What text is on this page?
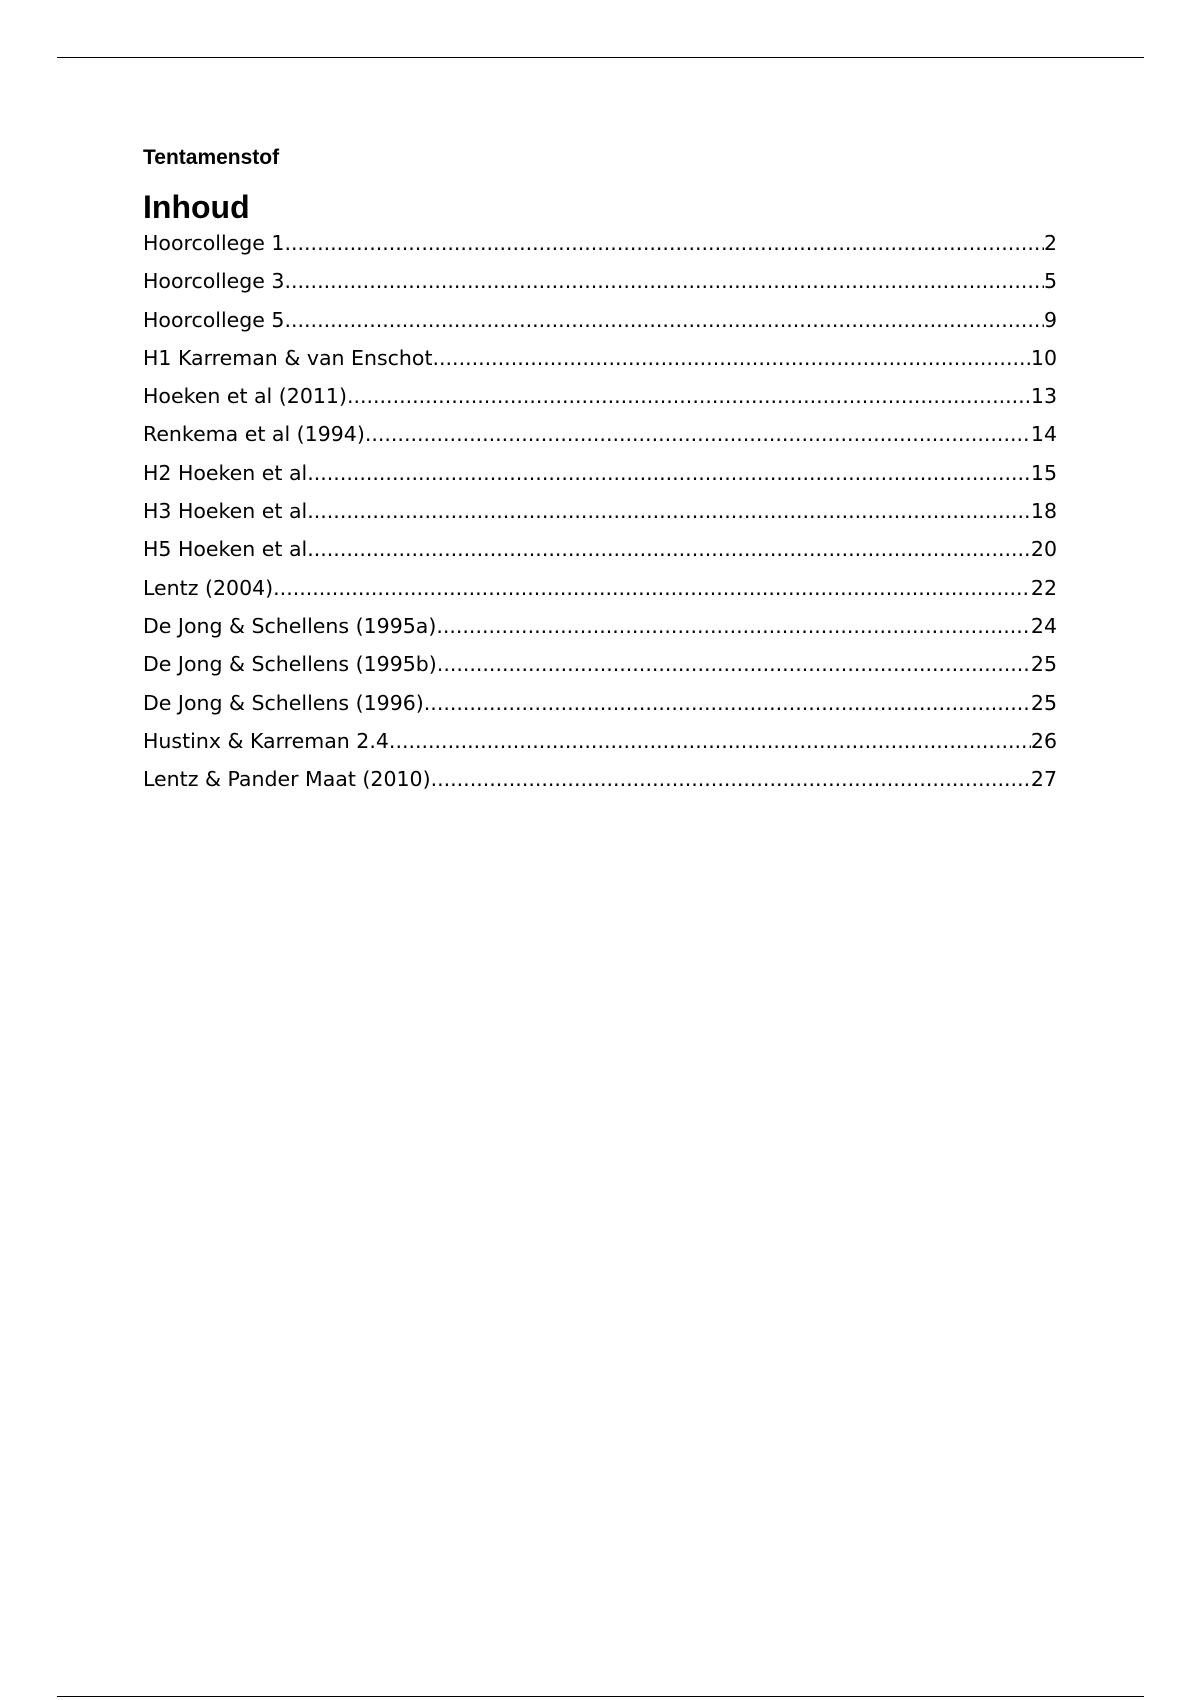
Tentamenstof

Inhoud
Hoorcollege 1 .....	2
Hoorcollege 3 .....	5
Hoorcollege 5 .....	9
H1 Karreman & van Enschot .....	10
Hoeken et al (2011) .....	13
Renkema et al (1994) .....	14
H2 Hoeken et al .....	15
H3 Hoeken et al .....	18
H5 Hoeken et al .....	20
Lentz (2004) .....	22
De Jong & Schellens (1995a) .....	24
De Jong & Schellens (1995b) .....	25
De Jong & Schellens (1996) .....	25
Hustinx & Karreman 2.4 .....	26
Lentz & Pander Maat (2010) .....	27
